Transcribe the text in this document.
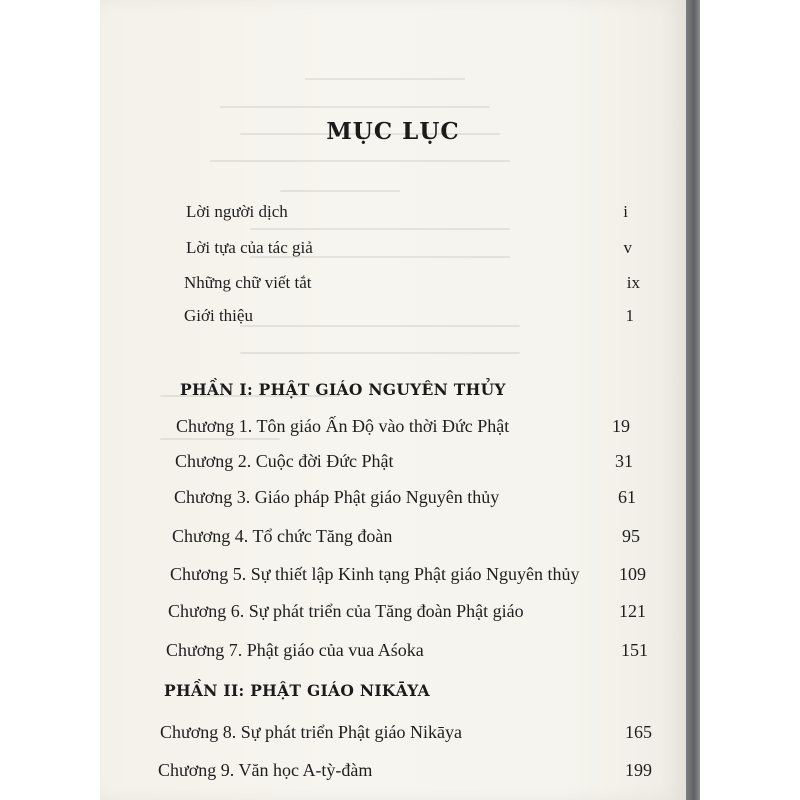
MỤC LỤC
Lời người dịch	i
Lời tựa của tác giả	v
Những chữ viết tắt	ix
Giới thiệu	1
PHẦN I: PHẬT GIÁO NGUYÊN THỦY
Chương 1. Tôn giáo Ấn Độ vào thời Đức Phật	19
Chương 2. Cuộc đời Đức Phật	31
Chương 3. Giáo pháp Phật giáo Nguyên thủy	61
Chương 4. Tổ chức Tăng đoàn	95
Chương 5. Sự thiết lập Kinh tạng Phật giáo Nguyên thủy 109
Chương 6. Sự phát triển của Tăng đoàn Phật giáo	121
Chương 7. Phật giáo của vua Aśoka	151
PHẦN II: PHẬT GIÁO NIKĀYA
Chương 8. Sự phát triển Phật giáo Nikāya	165
Chương 9. Văn học A-tỳ-đàm	199
